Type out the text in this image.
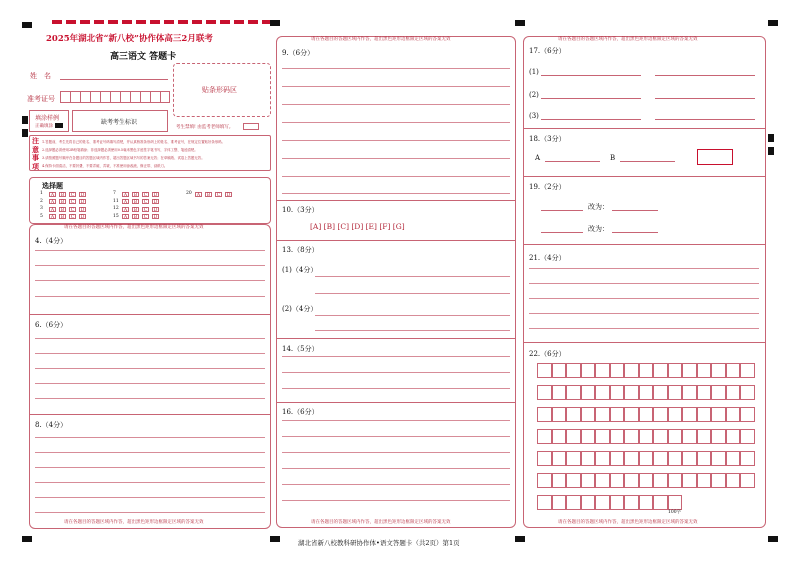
2025年湖北省“新八校”协作体高三2月联考
高三语文 答题卡
姓　名
准考证号
贴条形码区
填涂样例
正确填涂
缺考考生标识
考生禁填! 由监考老师填写。
注
意
事
项
1.答题前，考生先将自己的姓名、准考证号码填写清楚，并认真核准条形码上的姓名、准考证号，在规定位置贴好条形码。
2.选择题必须使用2B铅笔填涂；非选择题必须使用0.5毫米黑色字迹签字笔书写，字体工整、笔迹清楚。
3.请按照题号顺序在各题目的答题区域内作答，超出答题区域书写的答案无效；在草稿纸、试卷上答题无效。
4.保持卡面清洁，不要折叠，不要弄破、弄皱，不准使用涂改液、修正带、刮纸刀。
选择题
1	A	B	C	D
2	A	B	C	D
3	A	B	C	D
5	A	B	C	D
7	A	B	C	D
11	A	B	C	D
12	A	B	C	D
15	A	B	C	D
20	A	B	C	D
请在各题目的答题区域内作答，超出黑色矩形边框限定区域的答案无效
请在各题目的答题区域内作答，超出黑色矩形边框限定区域的答案无效
4.（4分）
6.（6分）
8.（4分）
请在各题目的答题区域内作答，超出黑色矩形边框限定区域的答案无效
请在各题目的答题区域内作答，超出黑色矩形边框限定区域的答案无效
9.（6分）
10.（3分）
[A] [B] [C] [D] [E] [F] [G]
13.（8分）
(1)（4分）
(2)（4分）
14.（5分）
16.（6分）
请在各题目的答题区域内作答，超出黑色矩形边框限定区域的答案无效
请在各题目的答题区域内作答，超出黑色矩形边框限定区域的答案无效
17.（6分）
(1)
(2)
(3)
18.（3分）
A	B
19.（2分）
改为：
改为：
21.（4分）
22.（6分）
100字
湖北省新八校教科研协作体•语文答题卡（共2页）第1页
